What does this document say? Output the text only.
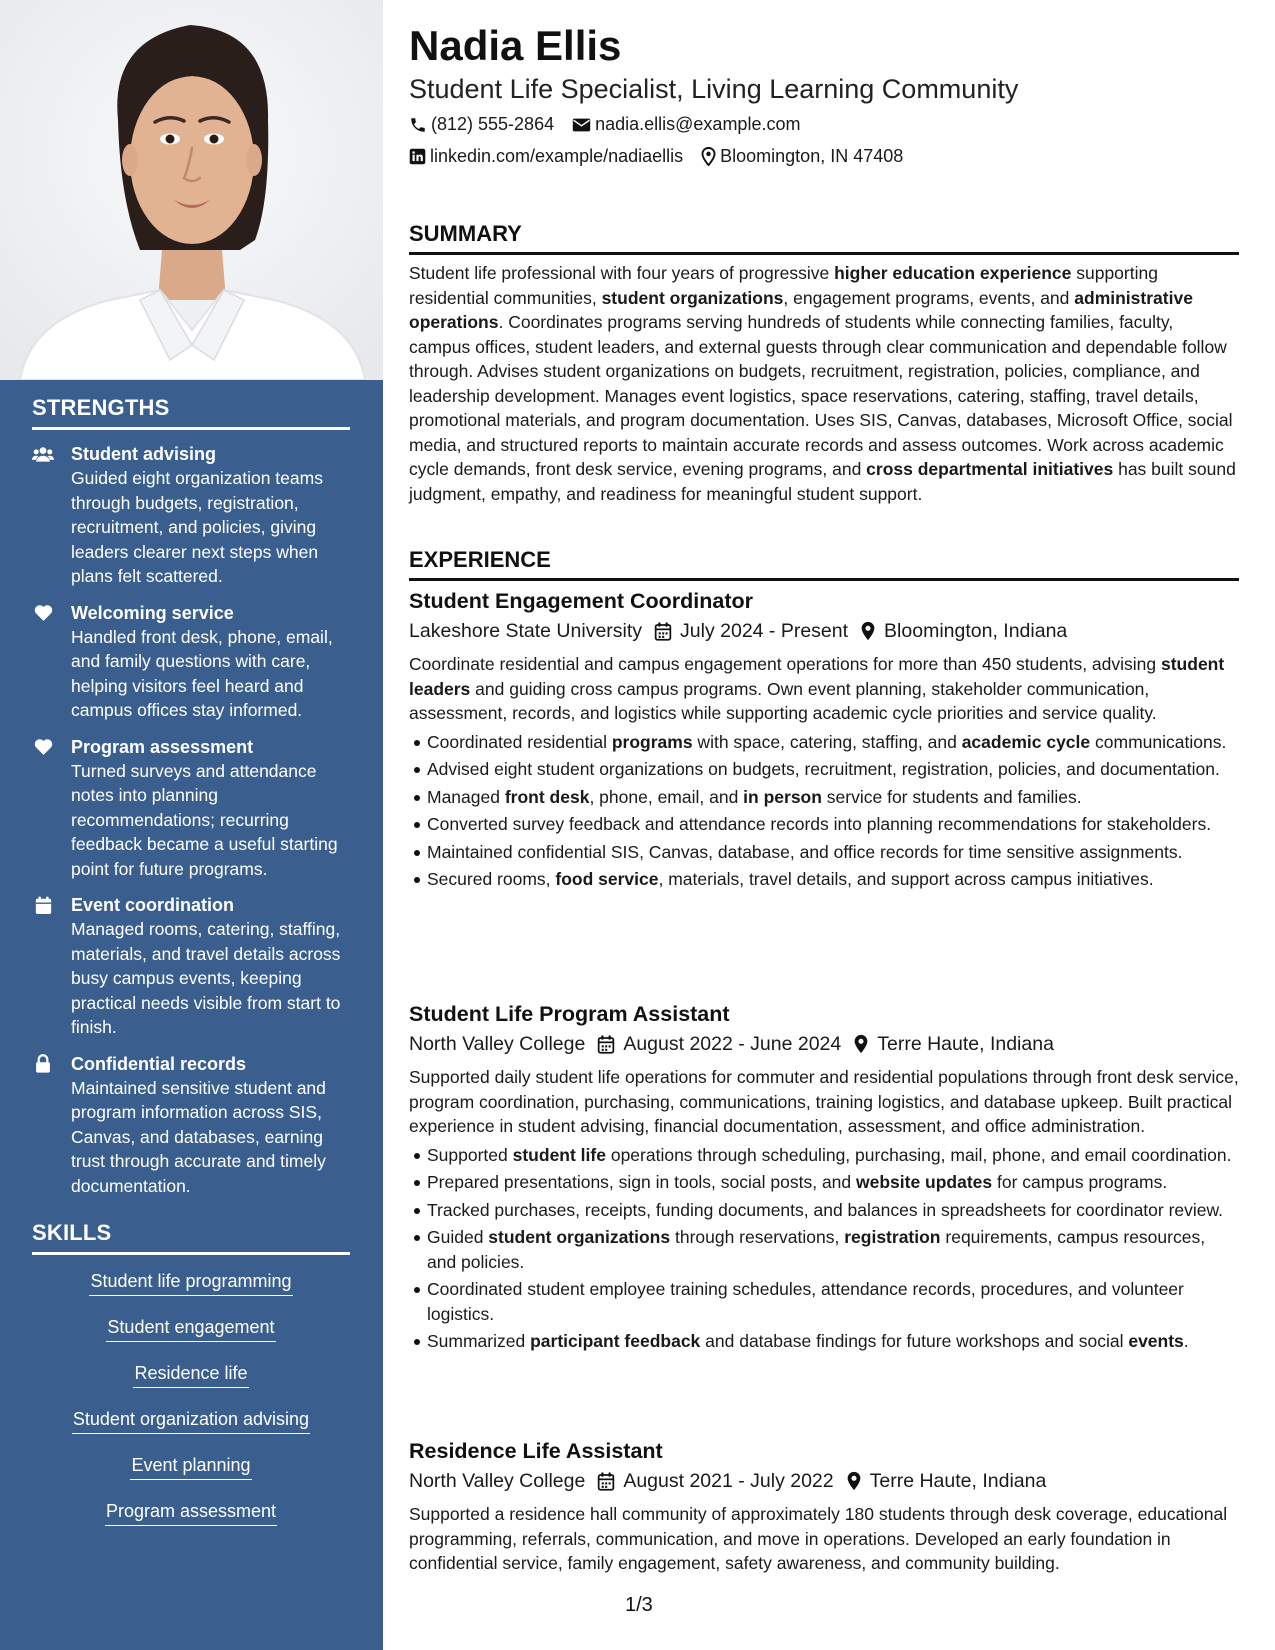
STRENGTHS
Student advising
Guided eight organization teams through budgets, registration, recruitment, and policies, giving leaders clearer next steps when plans felt scattered.
Welcoming service
Handled front desk, phone, email, and family questions with care, helping visitors feel heard and campus offices stay informed.
Program assessment
Turned surveys and attendance notes into planning recommendations; recurring feedback became a useful starting point for future programs.
Event coordination
Managed rooms, catering, staffing, materials, and travel details across busy campus events, keeping practical needs visible from start to finish.
Confidential records
Maintained sensitive student and program information across SIS, Canvas, and databases, earning trust through accurate and timely documentation.
SKILLS
Student life programming
Student engagement
Residence life
Student organization advising
Event planning
Program assessment
Nadia Ellis
Student Life Specialist, Living Learning Community
(812) 555-2864 nadia.ellis@example.com
linkedin.com/example/nadiaellis Bloomington, IN 47408
SUMMARY

Student life professional with four years of progressive higher education experience supporting residential communities, student organizations, engagement programs, events, and administrative operations. Coordinates programs serving hundreds of students while connecting families, faculty, campus offices, student leaders, and external guests through clear communication and dependable follow through. Advises student organizations on budgets, recruitment, registration, policies, compliance, and leadership development. Manages event logistics, space reservations, catering, staffing, travel details, promotional materials, and program documentation. Uses SIS, Canvas, databases, Microsoft Office, social media, and structured reports to maintain accurate records and assess outcomes. Work across academic cycle demands, front desk service, evening programs, and cross departmental initiatives has built sound judgment, empathy, and readiness for meaningful student support.

EXPERIENCE
Student Engagement Coordinator
Lakeshore State University July 2024 - Present Bloomington, Indiana

Coordinate residential and campus engagement operations for more than 450 students, advising student leaders and guiding cross campus programs. Own event planning, stakeholder communication, assessment, records, and logistics while supporting academic cycle priorities and service quality.

Coordinated residential programs with space, catering, staffing, and academic cycle communications.
Advised eight student organizations on budgets, recruitment, registration, policies, and documentation.
Managed front desk, phone, email, and in person service for students and families.
Converted survey feedback and attendance records into planning recommendations for stakeholders.
Maintained confidential SIS, Canvas, database, and office records for time sensitive assignments.
Secured rooms, food service, materials, travel details, and support across campus initiatives.
Student Life Program Assistant
North Valley College August 2022 - June 2024 Terre Haute, Indiana

Supported daily student life operations for commuter and residential populations through front desk service, program coordination, purchasing, communications, training logistics, and database upkeep. Built practical experience in student advising, financial documentation, assessment, and office administration.

Supported student life operations through scheduling, purchasing, mail, phone, and email coordination.
Prepared presentations, sign in tools, social posts, and website updates for campus programs.
Tracked purchases, receipts, funding documents, and balances in spreadsheets for coordinator review.
Guided student organizations through reservations, registration requirements, campus resources, and policies.
Coordinated student employee training schedules, attendance records, procedures, and volunteer logistics.
Summarized participant feedback and database findings for future workshops and social events.
Residence Life Assistant
North Valley College August 2021 - July 2022 Terre Haute, Indiana

Supported a residence hall community of approximately 180 students through desk coverage, educational programming, referrals, communication, and move in operations. Developed an early foundation in confidential service, family engagement, safety awareness, and community building.

1/3
